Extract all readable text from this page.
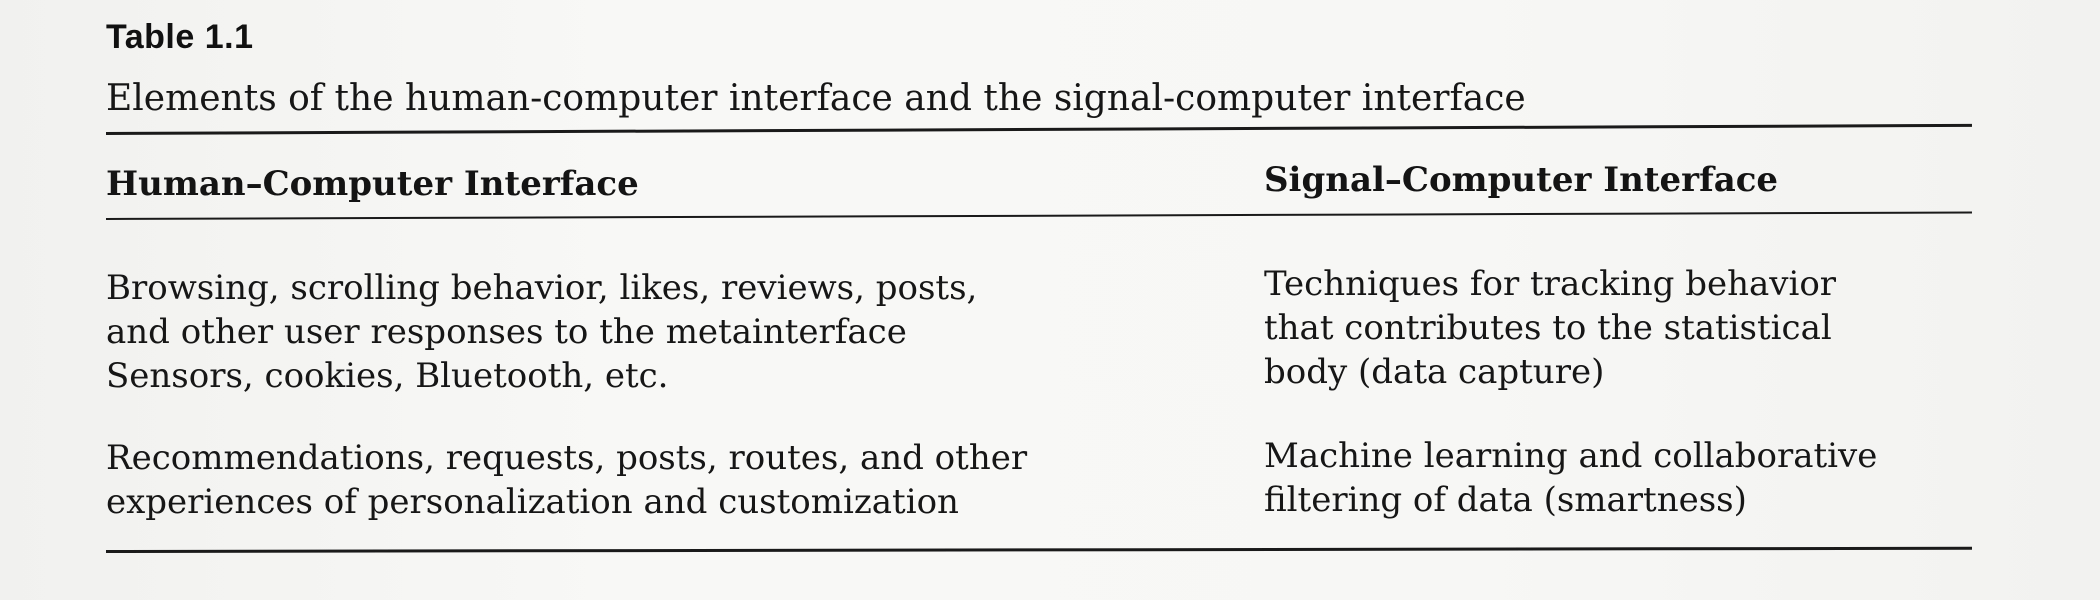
Table 1.1
Elements of the human-computer interface and the signal-computer interface
Human–Computer Interface	Signal–Computer Interface
Browsing, scrolling behavior, likes, reviews, posts,
and other user responses to the metainterface
Sensors, cookies, Bluetooth, etc.
Techniques for tracking behavior
that contributes to the statistical
body (data capture)
Recommendations, requests, posts, routes, and other
experiences of personalization and customization
Machine learning and collaborative
filtering of data (smartness)
